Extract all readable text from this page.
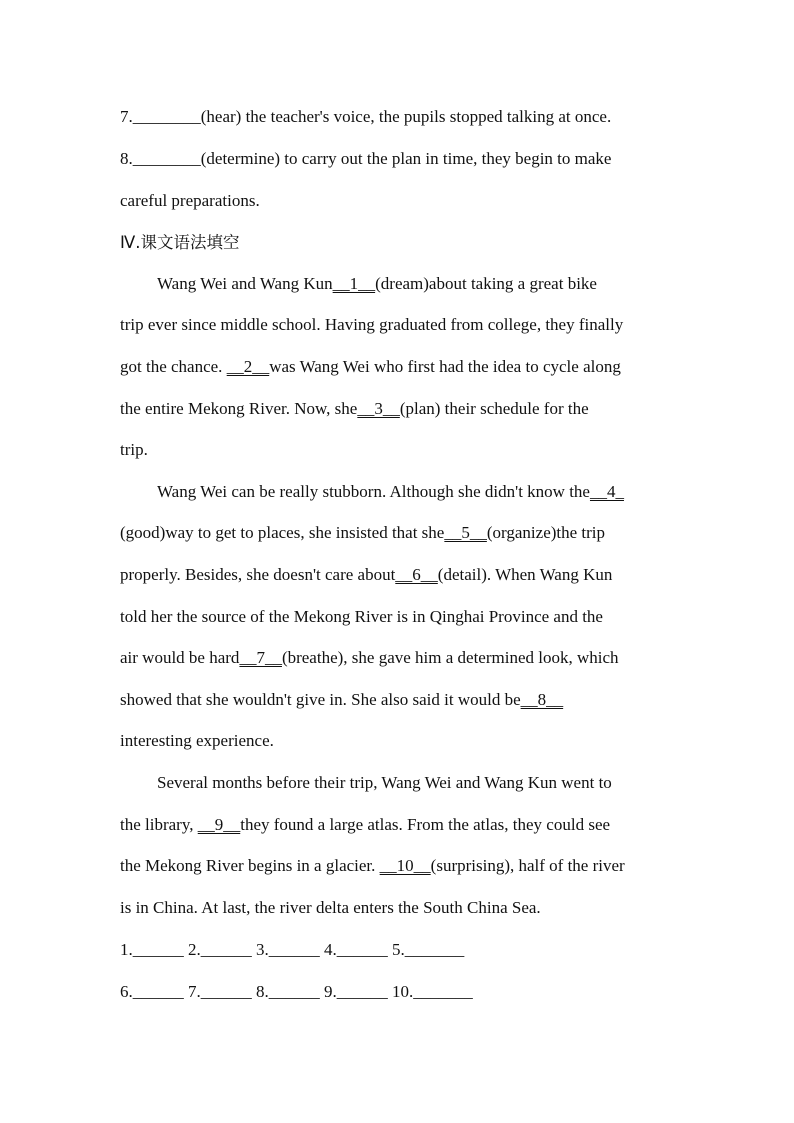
7.________(hear) the teacher's voice, the pupils stopped talking at once.
8.________(determine) to carry out the plan in time, they begin to make
careful preparations.
Ⅳ.课文语法填空
Wang Wei and Wang Kun__1__(dream)about taking a great bike
trip ever since middle school. Having graduated from college, they finally
got the chance. __2__was Wang Wei who first had the idea to cycle along
the entire Mekong River. Now, she__3__(plan) their schedule for the
trip.
Wang Wei can be really stubborn. Although she didn't know the__4_
(good)way to get to places, she insisted that she__5__(organize)the trip
properly. Besides, she doesn't care about__6__(detail). When Wang Kun
told her the source of the Mekong River is in Qinghai Province and the
air would be hard__7__(breathe), she gave him a determined look, which
showed that she wouldn't give in. She also said it would be__8__
interesting experience.
Several months before their trip, Wang Wei and Wang Kun went to
the library, __9__they found a large atlas. From the atlas, they could see
the Mekong River begins in a glacier. __10__(surprising), half of the river
is in China. At last, the river delta enters the South China Sea.
1.______ 2.______ 3.______ 4.______ 5._______
6.______ 7.______ 8.______ 9.______ 10._______
